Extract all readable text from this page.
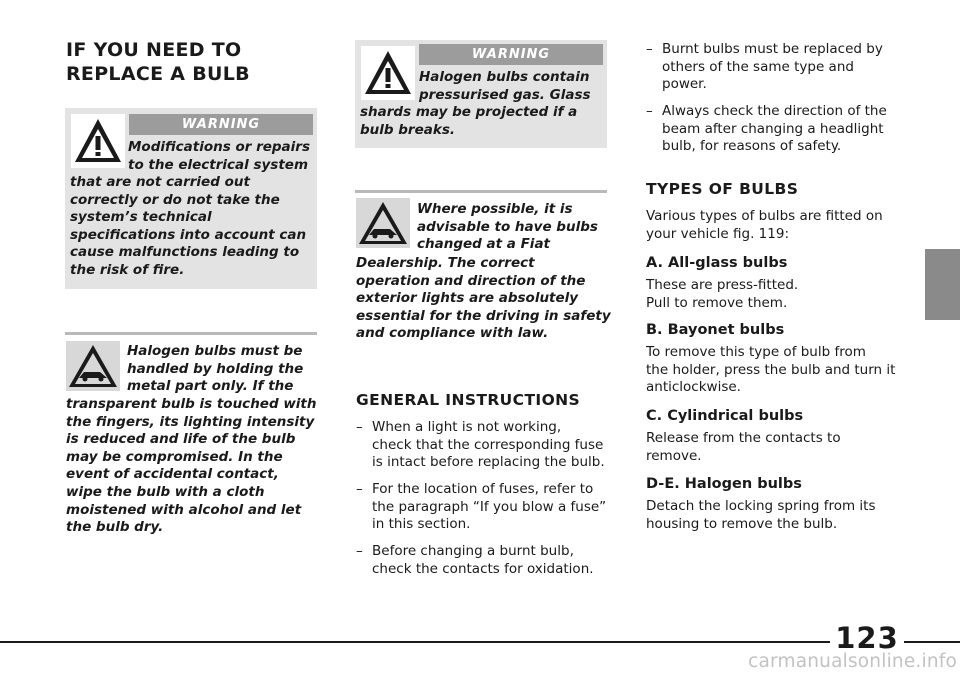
IF YOU NEED TO
REPLACE A BULB
WARNING
Modifications or repairs
to the electrical system
that are not carried out
correctly or do not take the
system’s technical
specifications into account can
cause malfunctions leading to
the risk of fire.
Halogen bulbs must be
handled by holding the
metal part only. If the
transparent bulb is touched with
the fingers, its lighting intensity
is reduced and life of the bulb
may be compromised. In the
event of accidental contact,
wipe the bulb with a cloth
moistened with alcohol and let
the bulb dry.
WARNING
Halogen bulbs contain
pressurised gas. Glass
shards may be projected if a
bulb breaks.
Where possible, it is
advisable to have bulbs
changed at a Fiat
Dealership. The correct
operation and direction of the
exterior lights are absolutely
essential for the driving in safety
and compliance with law.
GENERAL INSTRUCTIONS
– When a light is not working,
check that the corresponding fuse
is intact before replacing the bulb.
– For the location of fuses, refer to
the paragraph “If you blow a fuse”
in this section.
– Before changing a burnt bulb,
check the contacts for oxidation.
– Burnt bulbs must be replaced by
others of the same type and
power.
– Always check the direction of the
beam after changing a headlight
bulb, for reasons of safety.
TYPES OF BULBS
Various types of bulbs are fitted on
your vehicle fig. 119:
A. All-glass bulbs
These are press-fitted.
Pull to remove them.
B. Bayonet bulbs
To remove this type of bulb from
the holder, press the bulb and turn it
anticlockwise.
C. Cylindrical bulbs
Release from the contacts to
remove.
D-E. Halogen bulbs
Detach the locking spring from its
housing to remove the bulb.
123
carmanualsonline.info
